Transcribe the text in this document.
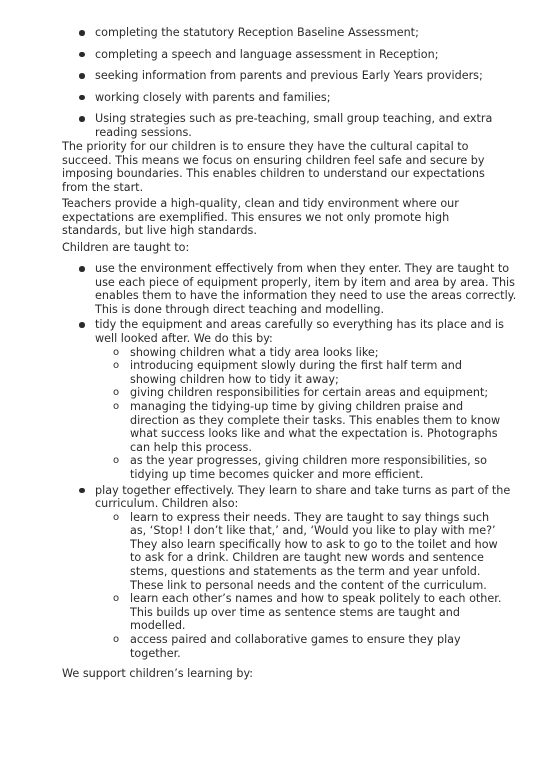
completing the statutory Reception Baseline Assessment;
completing a speech and language assessment in Reception;
seeking information from parents and previous Early Years providers;
working closely with parents and families;
Using strategies such as pre-teaching, small group teaching, and extra reading sessions.

The priority for our children is to ensure they have the cultural capital to succeed. This means we focus on ensuring children feel safe and secure by imposing boundaries. This enables children to understand our expectations from the start.

Teachers provide a high-quality, clean and tidy environment where our expectations are exemplified. This ensures we not only promote high standards, but live high standards.

Children are taught to:

use the environment effectively from when they enter. They are taught to use each piece of equipment properly, item by item and area by area. This enables them to have the information they need to use the areas correctly. This is done through direct teaching and modelling.
tidy the equipment and areas carefully so everything has its place and is well looked after. We do this by:
o showing children what a tidy area looks like;
o introducing equipment slowly during the first half term and showing children how to tidy it away;
o giving children responsibilities for certain areas and equipment;
o managing the tidying-up time by giving children praise and direction as they complete their tasks. This enables them to know what success looks like and what the expectation is. Photographs can help this process.
o as the year progresses, giving children more responsibilities, so tidying up time becomes quicker and more efficient.
play together effectively. They learn to share and take turns as part of the curriculum. Children also:
o learn to express their needs. They are taught to say things such as, ‘Stop! I don’t like that,’ and, ‘Would you like to play with me?’ They also learn specifically how to ask to go to the toilet and how to ask for a drink. Children are taught new words and sentence stems, questions and statements as the term and year unfold. These link to personal needs and the content of the curriculum.
o learn each other’s names and how to speak politely to each other. This builds up over time as sentence stems are taught and modelled.
o access paired and collaborative games to ensure they play together.

We support children’s learning by:
